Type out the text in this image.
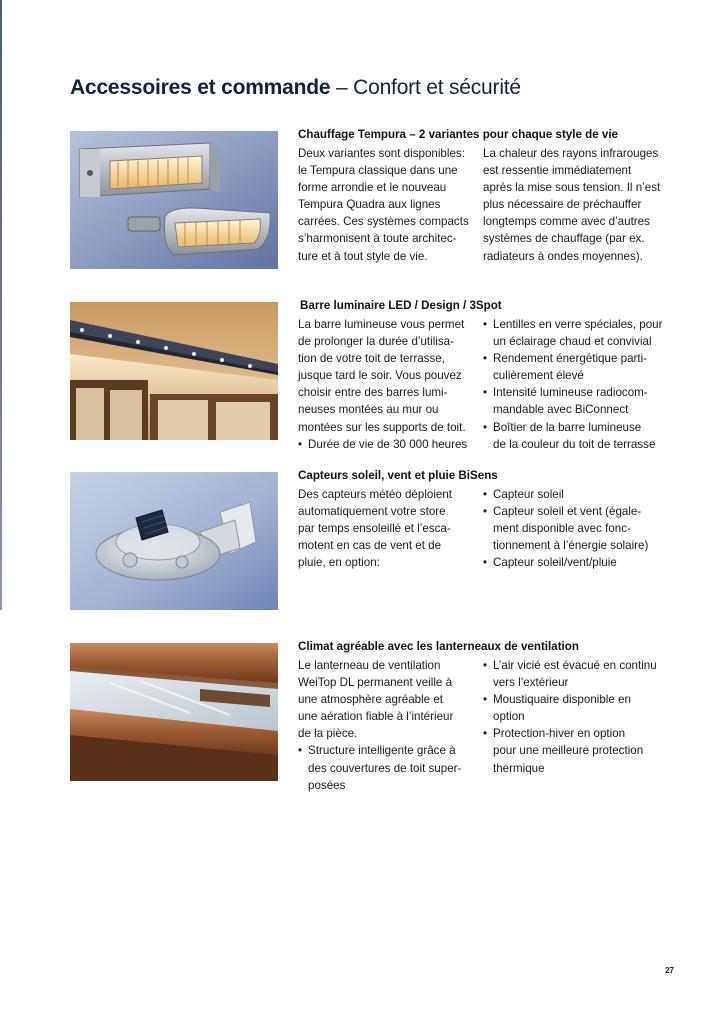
Accessoires et commande – Confort et sécurité
Chauffage Tempura – 2 variantes pour chaque style de vie
Deux variantes sont disponibles:
le Tempura classique dans une
forme arrondie et le nouveau
Tempura Quadra aux lignes
carrées. Ces systèmes compacts
s’harmonisent à toute architec-
ture et à tout style de vie.
La chaleur des rayons infrarouges
est ressentie immédiatement
après la mise sous tension. Il n’est
plus nécessaire de préchauffer
longtemps comme avec d’autres
systèmes de chauffage (par ex.
radiateurs à ondes moyennes).
Barre luminaire LED / Design / 3Spot
La barre lumineuse vous permet
de prolonger la durée d’utilisa-
tion de votre toit de terrasse,
jusque tard le soir. Vous pouvez
choisir entre des barres lumi-
neuses montées au mur ou
montées sur les supports de toit.
• Durée de vie de 30 000 heures
• Lentilles en verre spéciales, pour
un éclairage chaud et convivial
• Rendement énergétique parti-
culièrement élevé
• Intensité lumineuse radiocom-
mandable avec BiConnect
• Boîtier de la barre lumineuse
de la couleur du toit de terrasse
Capteurs soleil, vent et pluie BiSens
Des capteurs météo déploient
automatiquement votre store
par temps ensoleillé et l’esca-
motent en cas de vent et de
pluie, en option:
• Capteur soleil
• Capteur soleil et vent (égale-
ment disponible avec fonc-
tionnement à l’énergie solaire)
• Capteur soleil/vent/pluie
Climat agréable avec les lanterneaux de ventilation
Le lanterneau de ventilation
WeiTop DL permanent veille à
une atmosphère agréable et
une aération fiable à l’intérieur
de la pièce.
• Structure intelligente grâce à
des couvertures de toit super-
posées
• L’air vicié est évacué en continu
vers l’extérieur
• Moustiquaire disponible en
option
• Protection-hiver en option
pour une meilleure protection
thermique
27
